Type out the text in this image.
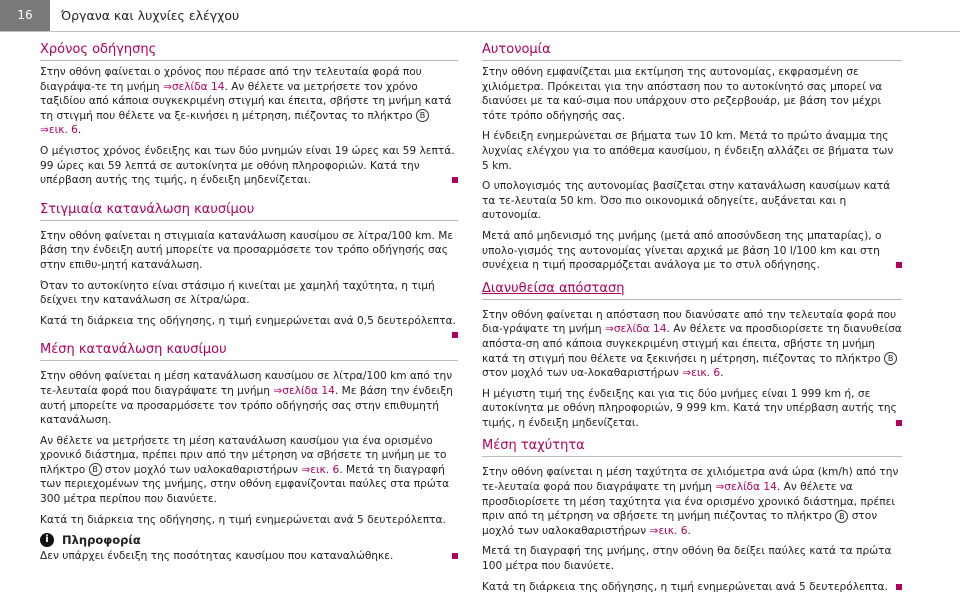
16	Όργανα και λυχνίες ελέγχου
Χρόνος οδήγησης

Στην οθόνη φαίνεται ο χρόνος που πέρασε από την τελευταία φορά που διαγράψα-τε τη μνήμη ⇒σελίδα 14. Αν θέλετε να μετρήσετε τον χρόνο ταξιδίου από κάποια συγκεκριμένη στιγμή και έπειτα, σβήστε τη μνήμη κατά τη στιγμή που θέλετε να ξε-κινήσει η μέτρηση, πιέζοντας το πλήκτρο B ⇒εικ. 6.

Ο μέγιστος χρόνος ένδειξης και των δύο μνημών είναι 19 ώρες και 59 λεπτά. 99 ώρες και 59 λεπτά σε αυτοκίνητα με οθόνη πληροφοριών. Κατά την υπέρβαση αυτής της τιμής, η ένδειξη μηδενίζεται.

Στιγμιαία κατανάλωση καυσίμου

Στην οθόνη φαίνεται η στιγμιαία κατανάλωση καυσίμου σε λίτρα/100 km. Με βάση την ένδειξη αυτή μπορείτε να προσαρμόσετε τον τρόπο οδήγησής σας στην επιθυ-μητή κατανάλωση.

Όταν το αυτοκίνητο είναι στάσιμο ή κινείται με χαμηλή ταχύτητα, η τιμή δείχνει την κατανάλωση σε λίτρα/ώρα.

Κατά τη διάρκεια της οδήγησης, η τιμή ενημερώνεται ανά 0,5 δευτερόλεπτα.

Μέση κατανάλωση καυσίμου

Στην οθόνη φαίνεται η μέση κατανάλωση καυσίμου σε λίτρα/100 km από την τε-λευταία φορά που διαγράψατε τη μνήμη ⇒σελίδα 14. Με βάση την ένδειξη αυτή μπορείτε να προσαρμόσετε τον τρόπο οδήγησής σας στην επιθυμητή κατανάλωση.

Αν θέλετε να μετρήσετε τη μέση κατανάλωση καυσίμου για ένα ορισμένο χρονικό διάστημα, πρέπει πριν από την μέτρηση να σβήσετε τη μνήμη με το πλήκτρο B στον μοχλό των υαλοκαθαριστήρων ⇒εικ. 6. Μετά τη διαγραφή των περιεχομένων της μνήμης, στην οθόνη εμφανίζονται παύλες στα πρώτα 300 μέτρα περίπου που διανύετε.

Κατά τη διάρκεια της οδήγησης, η τιμή ενημερώνεται ανά 5 δευτερόλεπτα.

i	Πληροφορία

Δεν υπάρχει ένδειξη της ποσότητας καυσίμου που καταναλώθηκε.

Αυτονομία

Στην οθόνη εμφανίζεται μια εκτίμηση της αυτονομίας, εκφρασμένη σε χιλιόμετρα. Πρόκειται για την απόσταση που το αυτοκίνητό σας μπορεί να διανύσει με τα καύ-σιμα που υπάρχουν στο ρεζερβουάρ, με βάση τον μέχρι τότε τρόπο οδήγησής σας.

Η ένδειξη ενημερώνεται σε βήματα των 10 km. Μετά το πρώτο άναμμα της λυχνίας ελέγχου για το απόθεμα καυσίμου, η ένδειξη αλλάζει σε βήματα των 5 km.

Ο υπολογισμός της αυτονομίας βασίζεται στην κατανάλωση καυσίμων κατά τα τε-λευταία 50 km. Όσο πιο οικονομικά οδηγείτε, αυξάνεται και η αυτονομία.

Μετά από μηδενισμό της μνήμης (μετά από αποσύνδεση της μπαταρίας), ο υπολο-γισμός της αυτονομίας γίνεται αρχικά με βάση 10 l/100 km και στη συνέχεια η τιμή προσαρμόζεται ανάλογα με το στυλ οδήγησης.

Διανυθείσα απόσταση

Στην οθόνη φαίνεται η απόσταση που διανύσατε από την τελευταία φορά που δια-γράψατε τη μνήμη ⇒σελίδα 14. Αν θέλετε να προσδιορίσετε τη διανυθείσα απόστα-ση από κάποια συγκεκριμένη στιγμή και έπειτα, σβήστε τη μνήμη κατά τη στιγμή που θέλετε να ξεκινήσει η μέτρηση, πιέζοντας το πλήκτρο B στον μοχλό των υα-λοκαθαριστήρων ⇒εικ. 6.

Η μέγιστη τιμή της ένδειξης και για τις δύο μνήμες είναι 1 999 km ή, σε αυτοκίνητα με οθόνη πληροφοριών, 9 999 km. Κατά την υπέρβαση αυτής της τιμής, η ένδειξη μηδενίζεται.

Μέση ταχύτητα

Στην οθόνη φαίνεται η μέση ταχύτητα σε χιλιόμετρα ανά ώρα (km/h) από την τε-λευταία φορά που διαγράψατε τη μνήμη ⇒σελίδα 14. Αν θέλετε να προσδιορίσετε τη μέση ταχύτητα για ένα ορισμένο χρονικό διάστημα, πρέπει πριν από τη μέτρηση να σβήσετε τη μνήμη πιέζοντας το πλήκτρο B στον μοχλό των υαλοκαθαριστήρων ⇒εικ. 6.

Μετά τη διαγραφή της μνήμης, στην οθόνη θα δείξει παύλες κατά τα πρώτα 100 μέτρα που διανύετε.

Κατά τη διάρκεια της οδήγησης, η τιμή ενημερώνεται ανά 5 δευτερόλεπτα.
